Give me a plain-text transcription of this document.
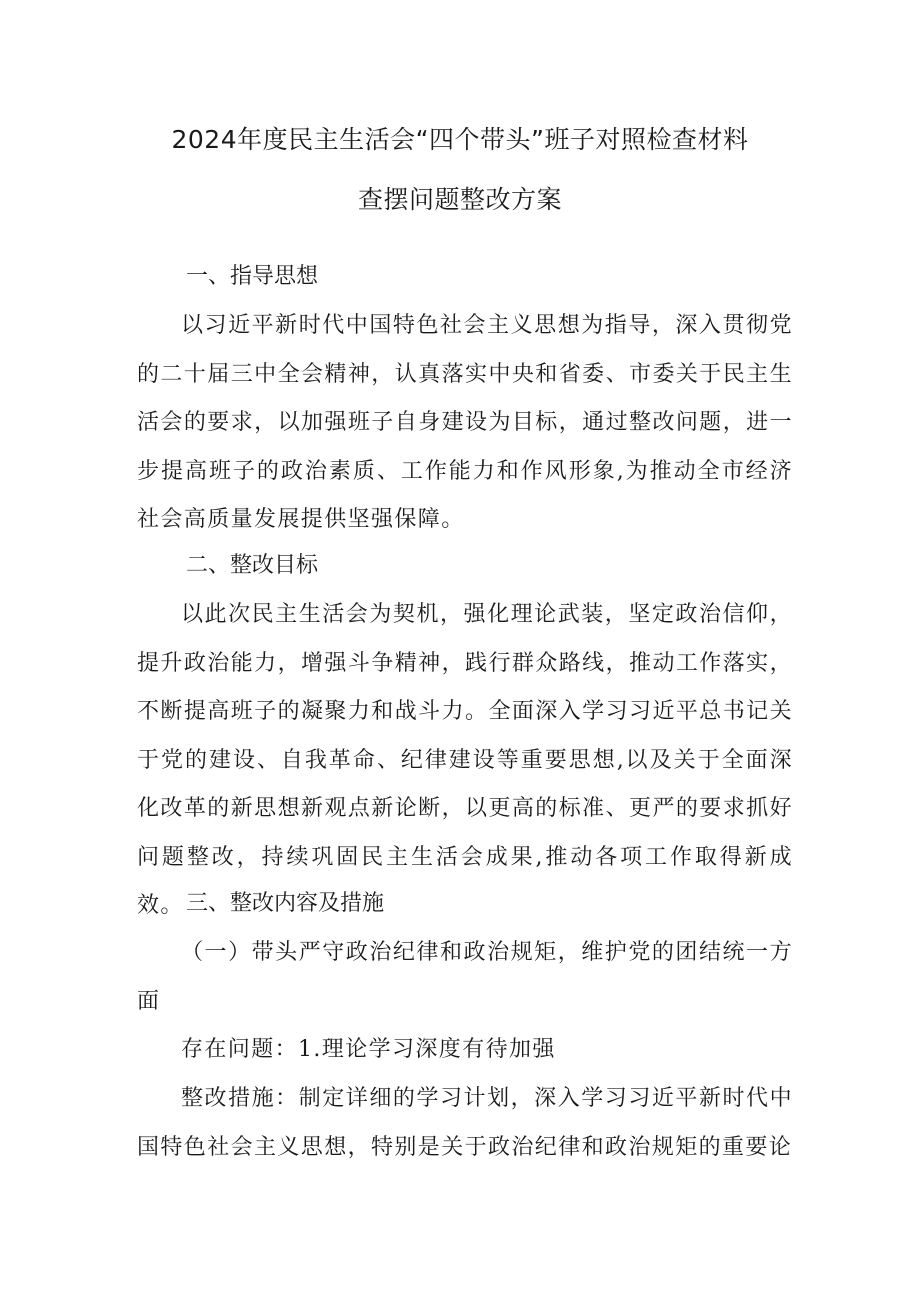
2024年度民主生活会“四个带头”班子对照检查材料
查摆问题整改方案
一、指导思想
以习近平新时代中国特色社会主义思想为指导，深入贯彻党的二十届三中全会精神，认真落实中央和省委、市委关于民主生活会的要求，以加强班子自身建设为目标，通过整改问题，进一步提高班子的政治素质、工作能力和作风形象,为推动全市经济社会高质量发展提供坚强保障。
二、整改目标
以此次民主生活会为契机，强化理论武装，坚定政治信仰，提升政治能力，增强斗争精神，践行群众路线，推动工作落实，不断提高班子的凝聚力和战斗力。全面深入学习习近平总书记关于党的建设、自我革命、纪律建设等重要思想,以及关于全面深化改革的新思想新观点新论断，以更高的标准、更严的要求抓好问题整改，持续巩固民主生活会成果,推动各项工作取得新成效。 三、整改内容及措施
（一）带头严守政治纪律和政治规矩，维护党的团结统一方面
存在问题：1.理论学习深度有待加强
整改措施：制定详细的学习计划，深入学习习近平新时代中国特色社会主义思想，特别是关于政治纪律和政治规矩的重要论
